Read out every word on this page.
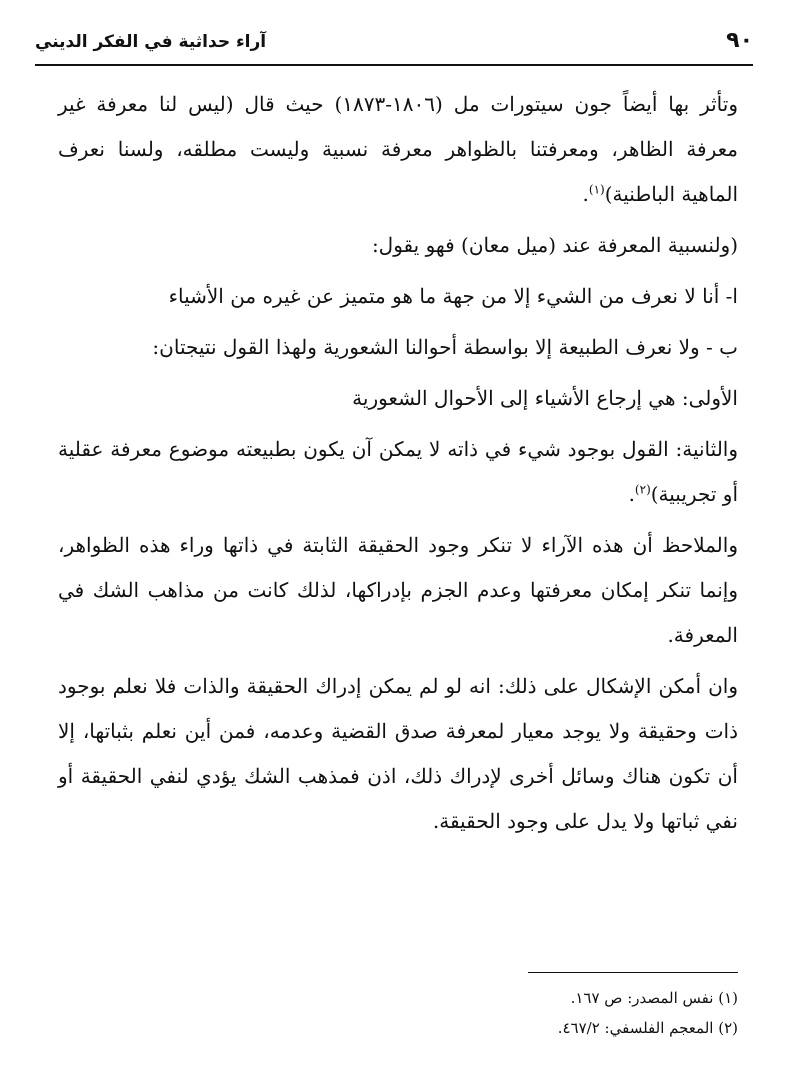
٩٠
آراء حداثية في الفكر الديني

وتأثر بها أيضاً جون سيتورات مل (١٨٠٦-١٨٧٣) حيث قال (ليس لنا معرفة غير معرفة الظاهر، ومعرفتنا بالظواهر معرفة نسبية وليست مطلقه، ولسنا نعرف الماهية الباطنية)$^{(١)}$.

(ولنسبية المعرفة عند (ميل معان) فهو يقول:

ا- أنا لا نعرف من الشيء إلا من جهة ما هو متميز عن غيره من الأشياء

ب - ولا نعرف الطبيعة إلا بواسطة أحوالنا الشعورية ولهذا القول نتيجتان:

الأولى: هي إرجاع الأشياء إلى الأحوال الشعورية

والثانية: القول بوجود شيء في ذاته لا يمكن آن يكون بطبيعته موضوع معرفة عقلية أو تجريبية)$^{(٢)}$.

والملاحظ أن هذه الآراء لا تنكر وجود الحقيقة الثابتة في ذاتها وراء هذه الظواهر، وإنما تنكر إمكان معرفتها وعدم الجزم بإدراكها، لذلك كانت من مذاهب الشك في المعرفة.

وان أمكن الإشكال على ذلك: انه لو لم يمكن إدراك الحقيقة والذات فلا نعلم بوجود ذات وحقيقة ولا يوجد معيار لمعرفة صدق القضية وعدمه، فمن أين نعلم بثباتها، إلا أن تكون هناك وسائل أخرى لإدراك ذلك، اذن فمذهب الشك يؤدي لنفي الحقيقة أو نفي ثباتها ولا يدل على وجود الحقيقة.

(١) نفس المصدر: ص ١٦٧.

(٢) المعجم الفلسفي: ٤٦٧/٢.
